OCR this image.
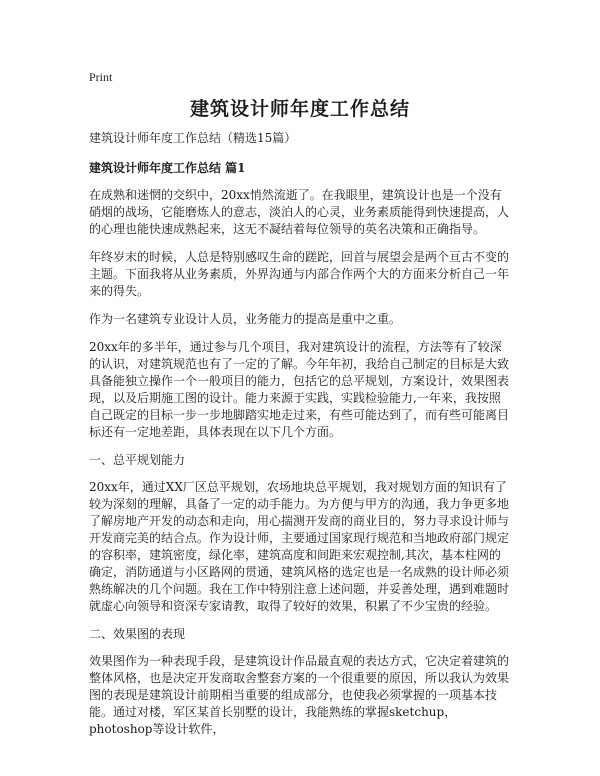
Print
建筑设计师年度工作总结

建筑设计师年度工作总结（精选15篇）

建筑设计师年度工作总结 篇1

在成熟和迷惘的交织中，20xx悄然流逝了。在我眼里，建筑设计也是一个没有硝烟的战场，它能磨炼人的意志，淡泊人的心灵，业务素质能得到快速提高，人的心理也能快速成熟起来，这无不凝结着每位领导的英名决策和正确指导。

年终岁末的时候，人总是特别感叹生命的蹉跎，回首与展望会是两个亘古不变的主题。下面我将从业务素质，外界沟通与内部合作两个大的方面来分析自己一年来的得失。

作为一名建筑专业设计人员，业务能力的提高是重中之重。

20xx年的多半年，通过参与几个项目，我对建筑设计的流程，方法等有了较深的认识，对建筑规范也有了一定的了解。今年年初，我给自己制定的目标是大致具备能独立操作一个一般项目的能力，包括它的总平规划，方案设计，效果图表现，以及后期施工图的设计。能力来源于实践，实践检验能力,一年来，我按照自己既定的目标一步一步地脚踏实地走过来，有些可能达到了，而有些可能离目标还有一定地差距，具体表现在以下几个方面。

一、总平规划能力

20xx年，通过XX厂区总平规划，农场地块总平规划，我对规划方面的知识有了较为深刻的理解，具备了一定的动手能力。为方便与甲方的沟通，我力争更多地了解房地产开发的动态和走向，用心揣测开发商的商业目的，努力寻求设计师与开发商完美的结合点。作为设计师，主要通过国家现行规范和当地政府部门规定的容积率，建筑密度，绿化率，建筑高度和间距来宏观控制,其次，基本柱网的确定，消防通道与小区路网的贯通，建筑风格的选定也是一名成熟的设计师必须熟练解决的几个问题。我在工作中特别注意上述问题，并妥善处理，遇到难题时就虚心向领导和资深专家请教，取得了较好的效果，积累了不少宝贵的经验。

二、效果图的表现

效果图作为一种表现手段，是建筑设计作品最直观的表达方式，它决定着建筑的整体风格，也是决定开发商取舍整套方案的一个很重要的原因，所以我认为效果图的表现是建筑设计前期相当重要的组成部分，也使我必须掌握的一项基本技能。通过对楼，军区某首长别墅的设计，我能熟练的掌握sketchup，photoshop等设计软件，
